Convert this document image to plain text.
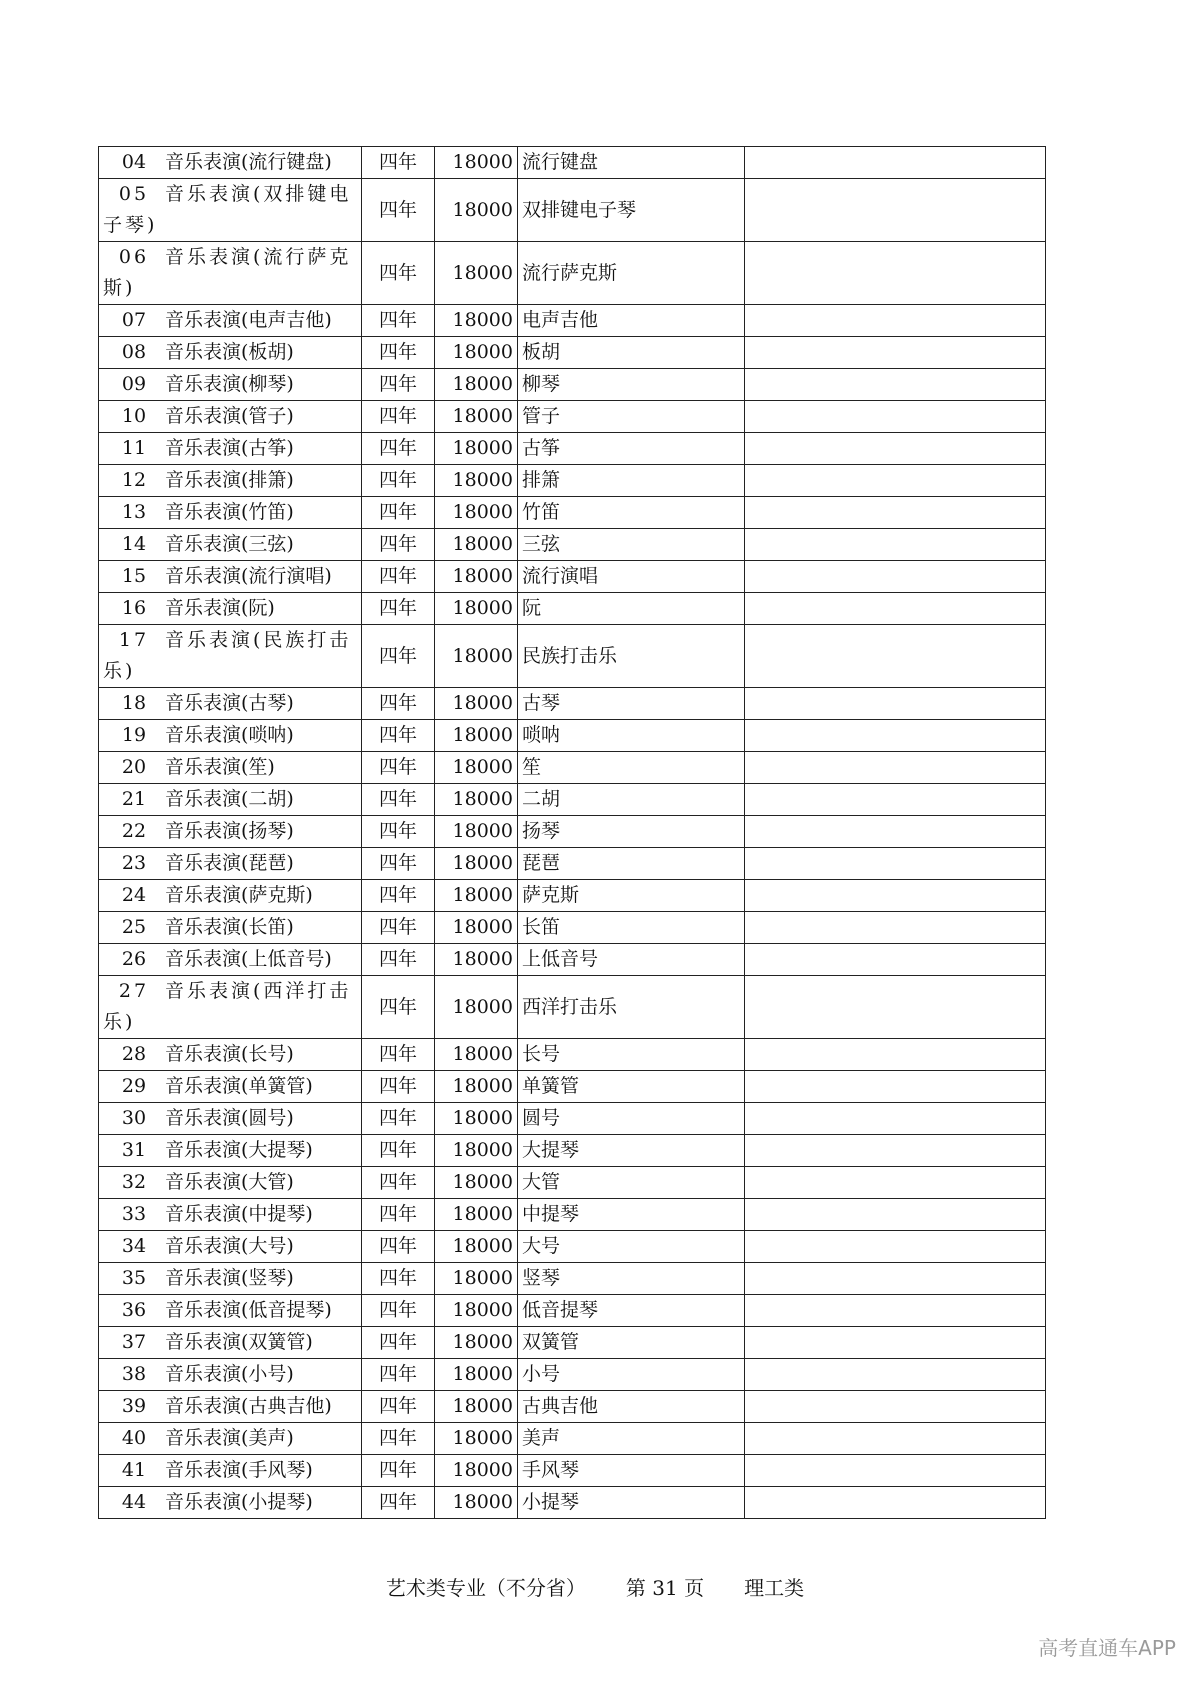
04 音乐表演(流行键盘)	四年	18000	流行键盘	
05 音乐表演(双排键电子琴)	四年	18000	双排键电子琴	
06 音乐表演(流行萨克斯)	四年	18000	流行萨克斯	
07 音乐表演(电声吉他)	四年	18000	电声吉他	
08 音乐表演(板胡)	四年	18000	板胡	
09 音乐表演(柳琴)	四年	18000	柳琴	
10 音乐表演(管子)	四年	18000	管子	
11 音乐表演(古筝)	四年	18000	古筝	
12 音乐表演(排箫)	四年	18000	排箫	
13 音乐表演(竹笛)	四年	18000	竹笛	
14 音乐表演(三弦)	四年	18000	三弦	
15 音乐表演(流行演唱)	四年	18000	流行演唱	
16 音乐表演(阮)	四年	18000	阮	
17 音乐表演(民族打击乐)	四年	18000	民族打击乐	
18 音乐表演(古琴)	四年	18000	古琴	
19 音乐表演(唢呐)	四年	18000	唢呐	
20 音乐表演(笙)	四年	18000	笙	
21 音乐表演(二胡)	四年	18000	二胡	
22 音乐表演(扬琴)	四年	18000	扬琴	
23 音乐表演(琵琶)	四年	18000	琵琶	
24 音乐表演(萨克斯)	四年	18000	萨克斯	
25 音乐表演(长笛)	四年	18000	长笛	
26 音乐表演(上低音号)	四年	18000	上低音号	
27 音乐表演(西洋打击乐)	四年	18000	西洋打击乐	
28 音乐表演(长号)	四年	18000	长号	
29 音乐表演(单簧管)	四年	18000	单簧管	
30 音乐表演(圆号)	四年	18000	圆号	
31 音乐表演(大提琴)	四年	18000	大提琴	
32 音乐表演(大管)	四年	18000	大管	
33 音乐表演(中提琴)	四年	18000	中提琴	
34 音乐表演(大号)	四年	18000	大号	
35 音乐表演(竖琴)	四年	18000	竖琴	
36 音乐表演(低音提琴)	四年	18000	低音提琴	
37 音乐表演(双簧管)	四年	18000	双簧管	
38 音乐表演(小号)	四年	18000	小号	
39 音乐表演(古典吉他)	四年	18000	古典吉他	
40 音乐表演(美声)	四年	18000	美声	
41 音乐表演(手风琴)	四年	18000	手风琴	
44 音乐表演(小提琴)	四年	18000	小提琴	
艺术类专业（不分省） 第 31 页 理工类
高考直通车APP
